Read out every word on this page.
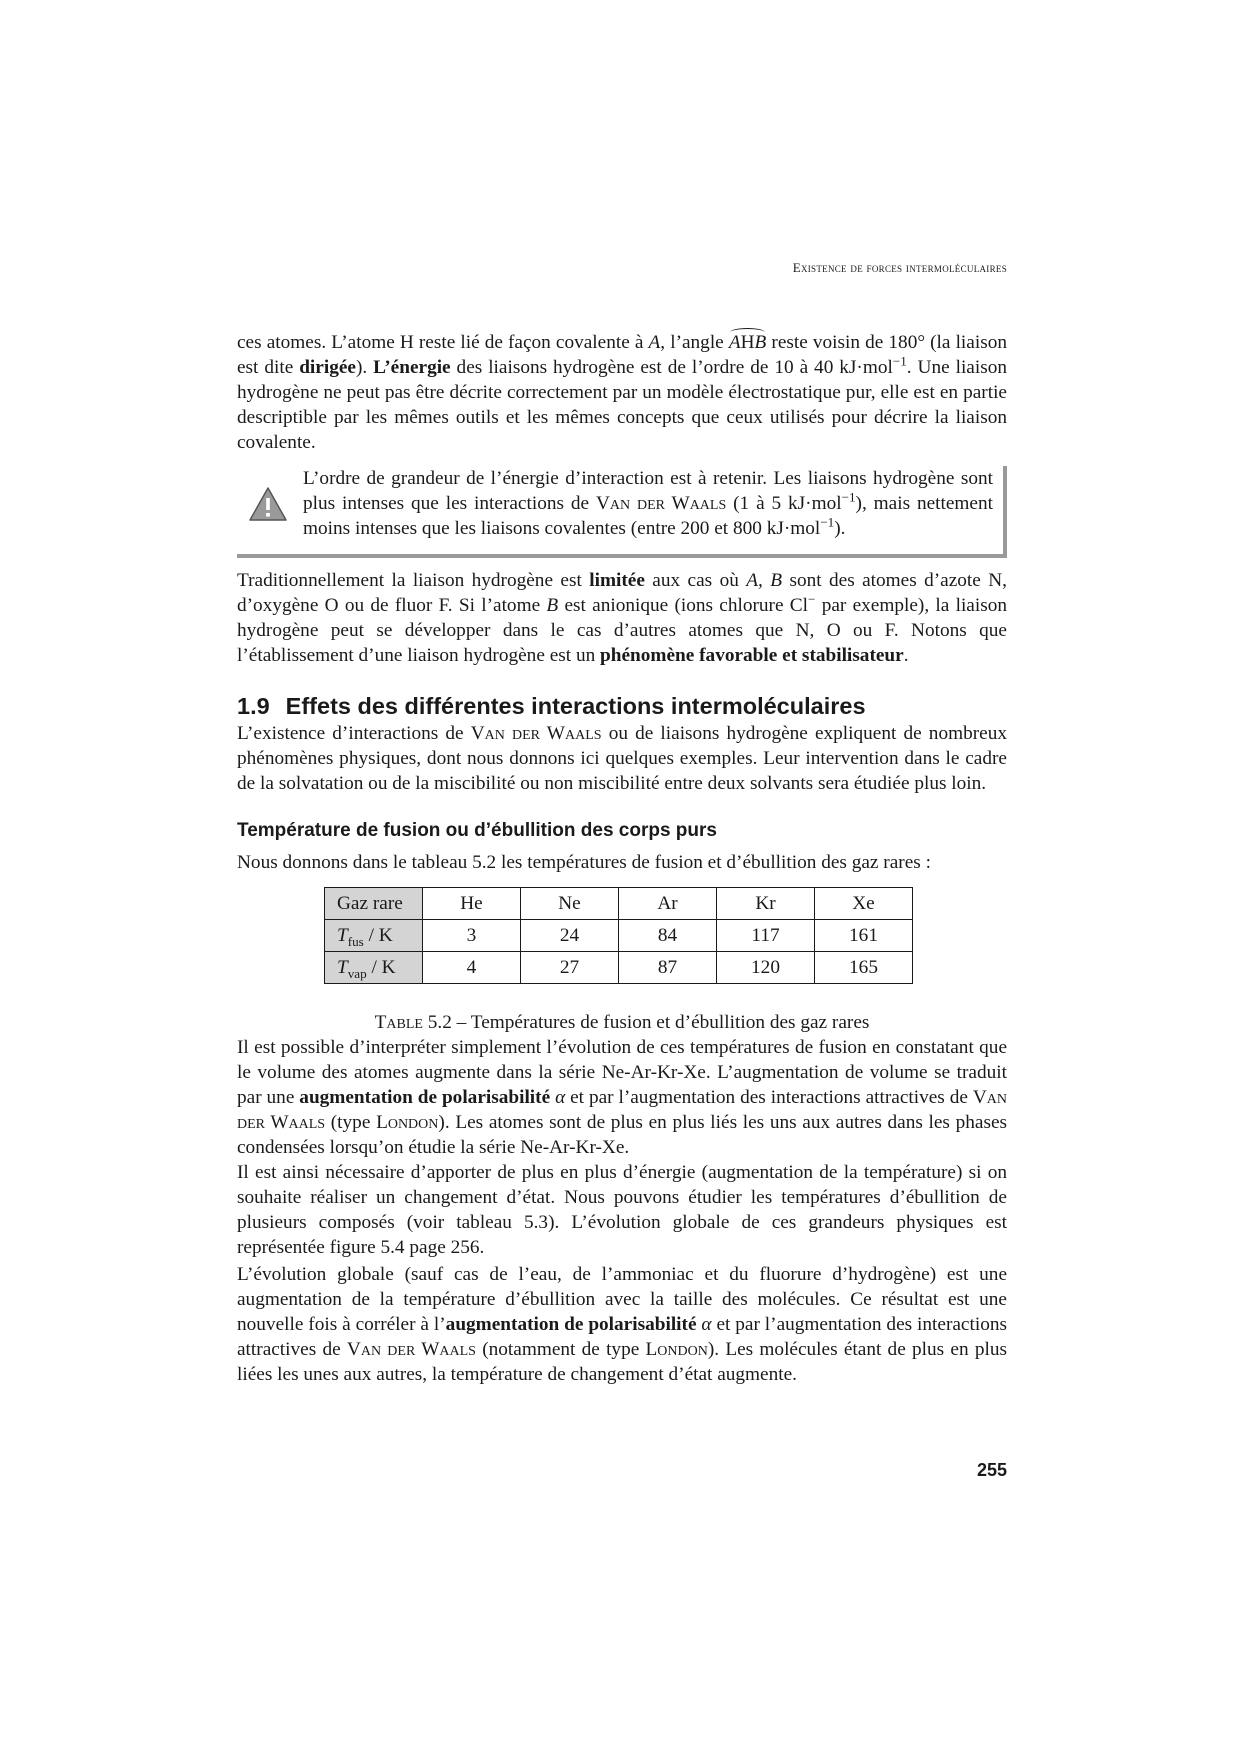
Existence de forces intermoléculaires

ces atomes. L’atome H reste lié de façon covalente à A, l’angle AHB reste voisin de 180° (la liaison est dite dirigée). L’énergie des liaisons hydrogène est de l’ordre de 10 à 40 kJ·mol$^{-1}$. Une liaison hydrogène ne peut pas être décrite correctement par un modèle électrostatique pur, elle est en partie descriptible par les mêmes outils et les mêmes concepts que ceux utilisés pour décrire la liaison covalente.

L’ordre de grandeur de l’énergie d’interaction est à retenir. Les liaisons hydrogène sont plus intenses que les interactions de Van der Waals (1 à 5 kJ·mol$^{-1}$), mais nettement moins intenses que les liaisons covalentes (entre 200 et 800 kJ·mol$^{-1}$).

Traditionnellement la liaison hydrogène est limitée aux cas où A, B sont des atomes d’azote N, d’oxygène O ou de fluor F. Si l’atome B est anionique (ions chlorure Cl− par exemple), la liaison hydrogène peut se développer dans le cas d’autres atomes que N, O ou F. Notons que l’établissement d’une liaison hydrogène est un phénomène favorable et stabilisateur.

1.9 Effets des différentes interactions intermoléculaires

L’existence d’interactions de Van der Waals ou de liaisons hydrogène expliquent de nombreux phénomènes physiques, dont nous donnons ici quelques exemples. Leur intervention dans le cadre de la solvatation ou de la miscibilité ou non miscibilité entre deux solvants sera étudiée plus loin.

Température de fusion ou d’ébullition des corps purs

Nous donnons dans le tableau 5.2 les températures de fusion et d’ébullition des gaz rares :

Gaz rare	He	Ne	Ar	Kr	Xe
$T_{fus}$ / K	3	24	84	117	161
$T_{vap}$ / K	4	27	87	120	165

Table 5.2 – Températures de fusion et d’ébullition des gaz rares

Il est possible d’interpréter simplement l’évolution de ces températures de fusion en constatant que le volume des atomes augmente dans la série Ne-Ar-Kr-Xe. L’augmentation de volume se traduit par une augmentation de polarisabilité α et par l’augmentation des interactions attractives de Van der Waals (type London). Les atomes sont de plus en plus liés les uns aux autres dans les phases condensées lorsqu’on étudie la série Ne-Ar-Kr-Xe.

Il est ainsi nécessaire d’apporter de plus en plus d’énergie (augmentation de la température) si on souhaite réaliser un changement d’état. Nous pouvons étudier les températures d’ébullition de plusieurs composés (voir tableau 5.3). L’évolution globale de ces grandeurs physiques est représentée figure 5.4 page 256.

L’évolution globale (sauf cas de l’eau, de l’ammoniac et du fluorure d’hydrogène) est une augmentation de la température d’ébullition avec la taille des molécules. Ce résultat est une nouvelle fois à corréler à l’augmentation de polarisabilité α et par l’augmentation des interactions attractives de Van der Waals (notamment de type London). Les molécules étant de plus en plus liées les unes aux autres, la température de changement d’état augmente.

255
